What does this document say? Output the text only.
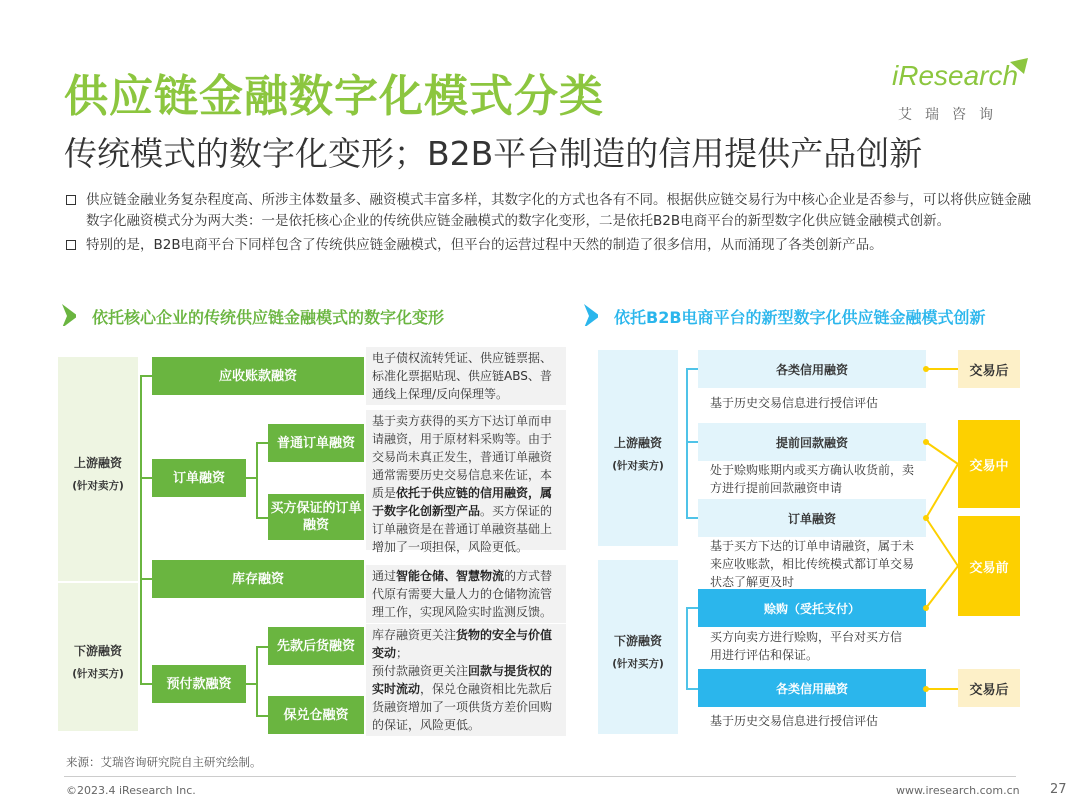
供应链金融数字化模式分类
传统模式的数字化变形；B2B平台制造的信用提供产品创新
iResearch
艾瑞咨询
供应链金融业务复杂程度高、所涉主体数量多、融资模式丰富多样，其数字化的方式也各有不同。根据供应链交易行为中核心企业是否参与，可以将供应链金融数字化融资模式分为两大类：一是依托核心企业的传统供应链金融模式的数字化变形，二是依托B2B电商平台的新型数字化供应链金融模式创新。
特别的是，B2B电商平台下同样包含了传统供应链金融模式，但平台的运营过程中天然的制造了很多信用，从而涌现了各类创新产品。
依托核心企业的传统供应链金融模式的数字化变形
上游融资
(针对卖方)
下游融资
(针对买方)
应收账款融资
订单融资
普通订单融资
买方保证的订单融资
库存融资
预付款融资
先款后货融资
保兑仓融资
电子债权流转凭证、供应链票据、标准化票据贴现、供应链ABS、普通线上保理/反向保理等。
基于卖方获得的买方下达订单而申请融资，用于原材料采购等。由于交易尚未真正发生，普通订单融资通常需要历史交易信息来佐证，本质是依托于供应链的信用融资，属于数字化创新型产品。买方保证的订单融资是在普通订单融资基础上增加了一项担保，风险更低。
通过智能仓储、智慧物流的方式替代原有需要大量人力的仓储物流管理工作，实现风险实时监测反馈。
库存融资更关注货物的安全与价值变动；
预付款融资更关注回款与提货权的实时流动，保兑仓融资相比先款后货融资增加了一项供货方差价回购的保证，风险更低。
依托B2B电商平台的新型数字化供应链金融模式创新
上游融资
(针对卖方)
下游融资
(针对买方)
各类信用融资
基于历史交易信息进行授信评估
提前回款融资
处于赊购账期内或买方确认收货前，卖方进行提前回款融资申请
订单融资
基于买方下达的订单申请融资，属于未来应收账款，相比传统模式都订单交易状态了解更及时
赊购（受托支付）
买方向卖方进行赊购，平台对买方信用进行评估和保证。
各类信用融资
基于历史交易信息进行授信评估
交易后
交易中
交易前
交易后
来源：艾瑞咨询研究院自主研究绘制。
©2023.4 iResearch Inc.	www.iresearch.com.cn 27
